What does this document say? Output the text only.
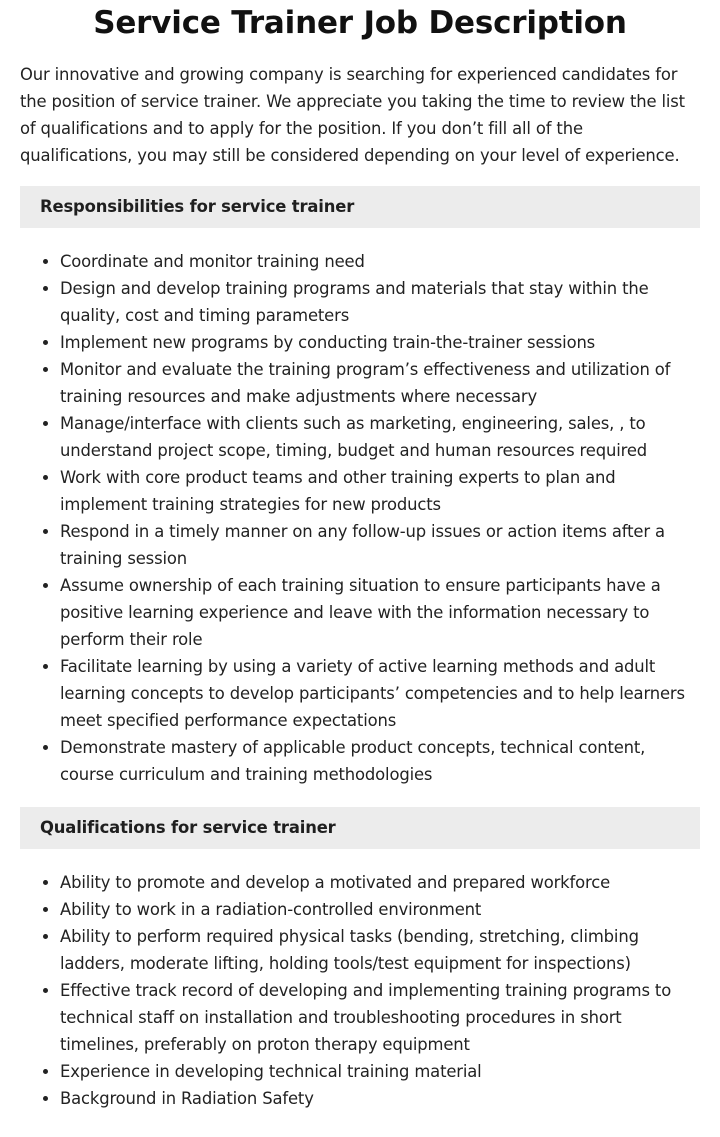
Service Trainer Job Description

Our innovative and growing company is searching for experienced candidates for the position of service trainer. We appreciate you taking the time to review the list of qualifications and to apply for the position. If you don’t fill all of the qualifications, you may still be considered depending on your level of experience.

Responsibilities for service trainer
Coordinate and monitor training need
Design and develop training programs and materials that stay within the quality, cost and timing parameters
Implement new programs by conducting train-the-trainer sessions
Monitor and evaluate the training program’s effectiveness and utilization of training resources and make adjustments where necessary
Manage/interface with clients such as marketing, engineering, sales, , to understand project scope, timing, budget and human resources required
Work with core product teams and other training experts to plan and implement training strategies for new products
Respond in a timely manner on any follow-up issues or action items after a training session
Assume ownership of each training situation to ensure participants have a positive learning experience and leave with the information necessary to perform their role
Facilitate learning by using a variety of active learning methods and adult learning concepts to develop participants’ competencies and to help learners meet specified performance expectations
Demonstrate mastery of applicable product concepts, technical content, course curriculum and training methodologies
Qualifications for service trainer
Ability to promote and develop a motivated and prepared workforce
Ability to work in a radiation-controlled environment
Ability to perform required physical tasks (bending, stretching, climbing ladders, moderate lifting, holding tools/test equipment for inspections)
Effective track record of developing and implementing training programs to technical staff on installation and troubleshooting procedures in short timelines, preferably on proton therapy equipment
Experience in developing technical training material
Background in Radiation Safety
